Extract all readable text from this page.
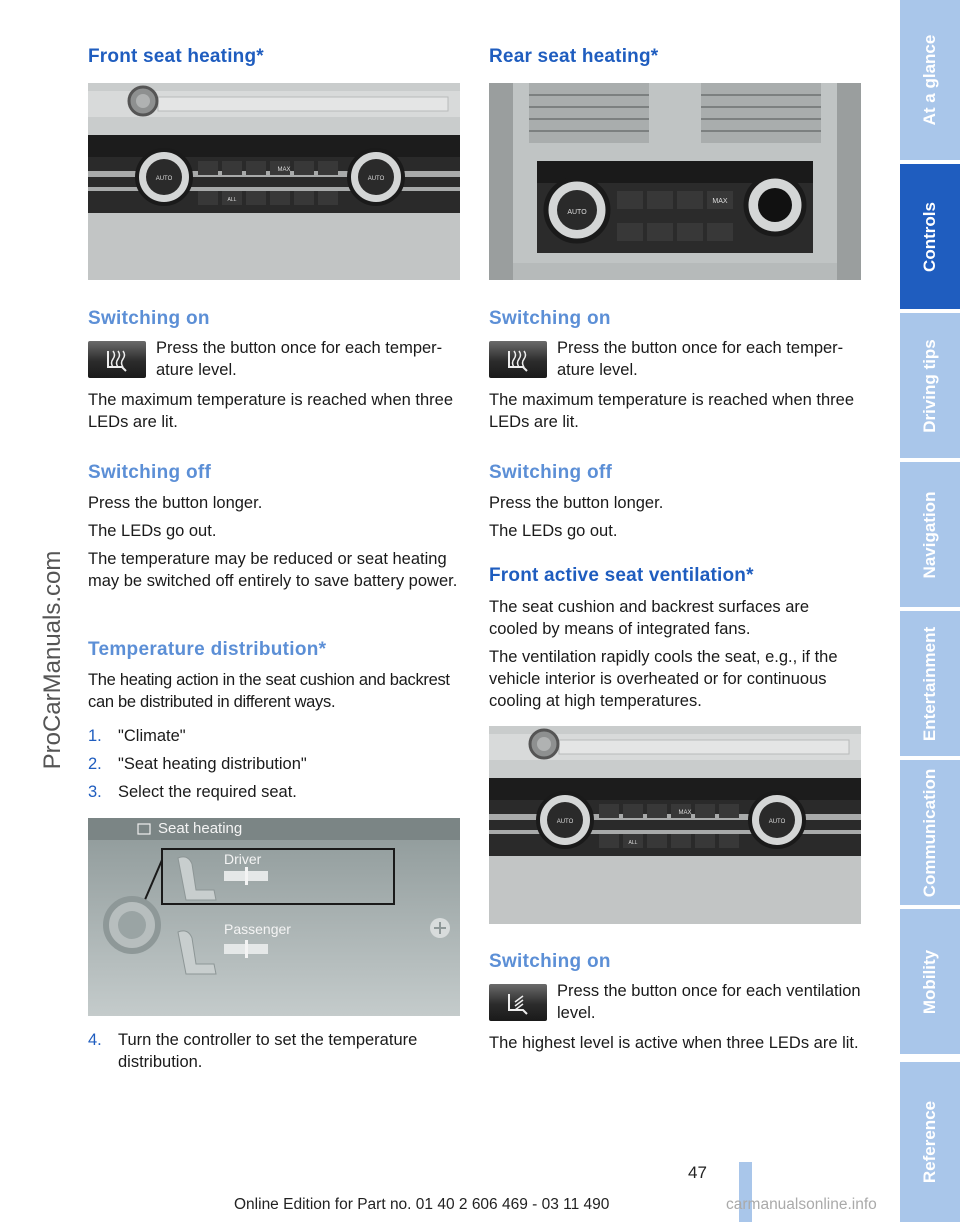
Front seat heating*
AUTO	AUTO
MAX
ALL
Switching on

Press the button once for each temperature level.

The maximum temperature is reached when three LEDs are lit.

Switching off

Press the button longer.

The LEDs go out.

The temperature may be reduced or seat heating may be switched off entirely to save battery power.

Temperature distribution*

The heating action in the seat cushion and backrest can be distributed in different ways.

1. "Climate"
2. "Seat heating distribution"
3. Select the required seat.
Seat heating
Driver
Passenger
4. Turn the controller to set the temperature distribution.
Rear seat heating*
AUTO
MAX
Switching on

Press the button once for each temperature level.

The maximum temperature is reached when three LEDs are lit.

Switching off

Press the button longer.

The LEDs go out.

Front active seat ventilation*

The seat cushion and backrest surfaces are cooled by means of integrated fans.

The ventilation rapidly cools the seat, e.g., if the vehicle interior is overheated or for continuous cooling at high temperatures.

AUTO	AUTO
MAX
ALL
Switching on

Press the button once for each ventilation level.

The highest level is active when three LEDs are lit.

At a glance
Controls
Driving tips
Navigation
Entertainment
Communication
Mobility
Reference
ProCarManuals.com
47
Online Edition for Part no. 01 40 2 606 469 - 03 11 490	carmanualsonline.info
